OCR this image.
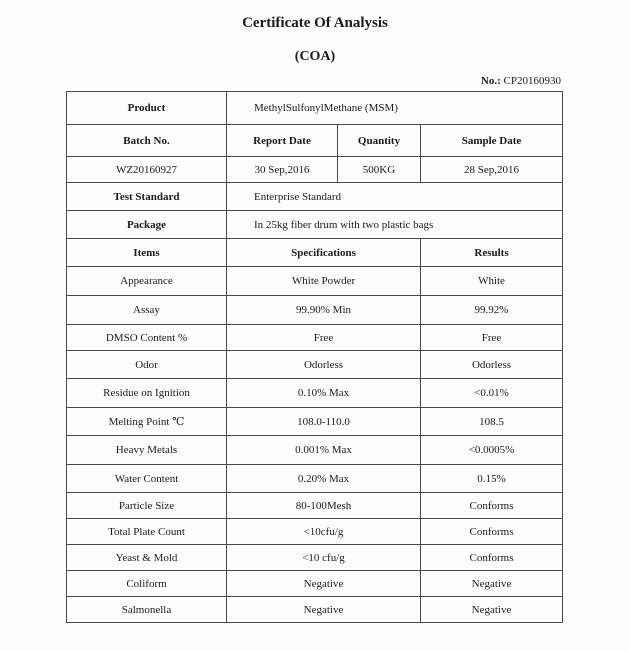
Certificate Of Analysis
(COA)
No.: CP20160930
Product	MethylSulfonylMethane (MSM)		
Batch No.	Report Date	Quantity	Sample Date
WZ20160927	30 Sep,2016	500KG	28 Sep,2016
Test Standard	Enterprise Standard		
Package	In 25kg fiber drum with two plastic bags		
Items	Specifications		Results
Appearance	White Powder		White
Assay	99.90% Min		99.92%
DMSO Content %	Free		Free
Odor	Odorless		Odorless
Residue on Ignition	0.10% Max		<0.01%
Melting Point ℃	108.0-110.0		108.5
Heavy Metals	0.001% Max		<0.0005%
Water Content	0.20% Max		0.15%
Particle Size	80-100Mesh		Conforms
Total Plate Count	<10cfu/g		Conforms
Yeast & Mold	<10 cfu/g		Conforms
Coliform	Negative		Negative
Salmonella	Negative		Negative
